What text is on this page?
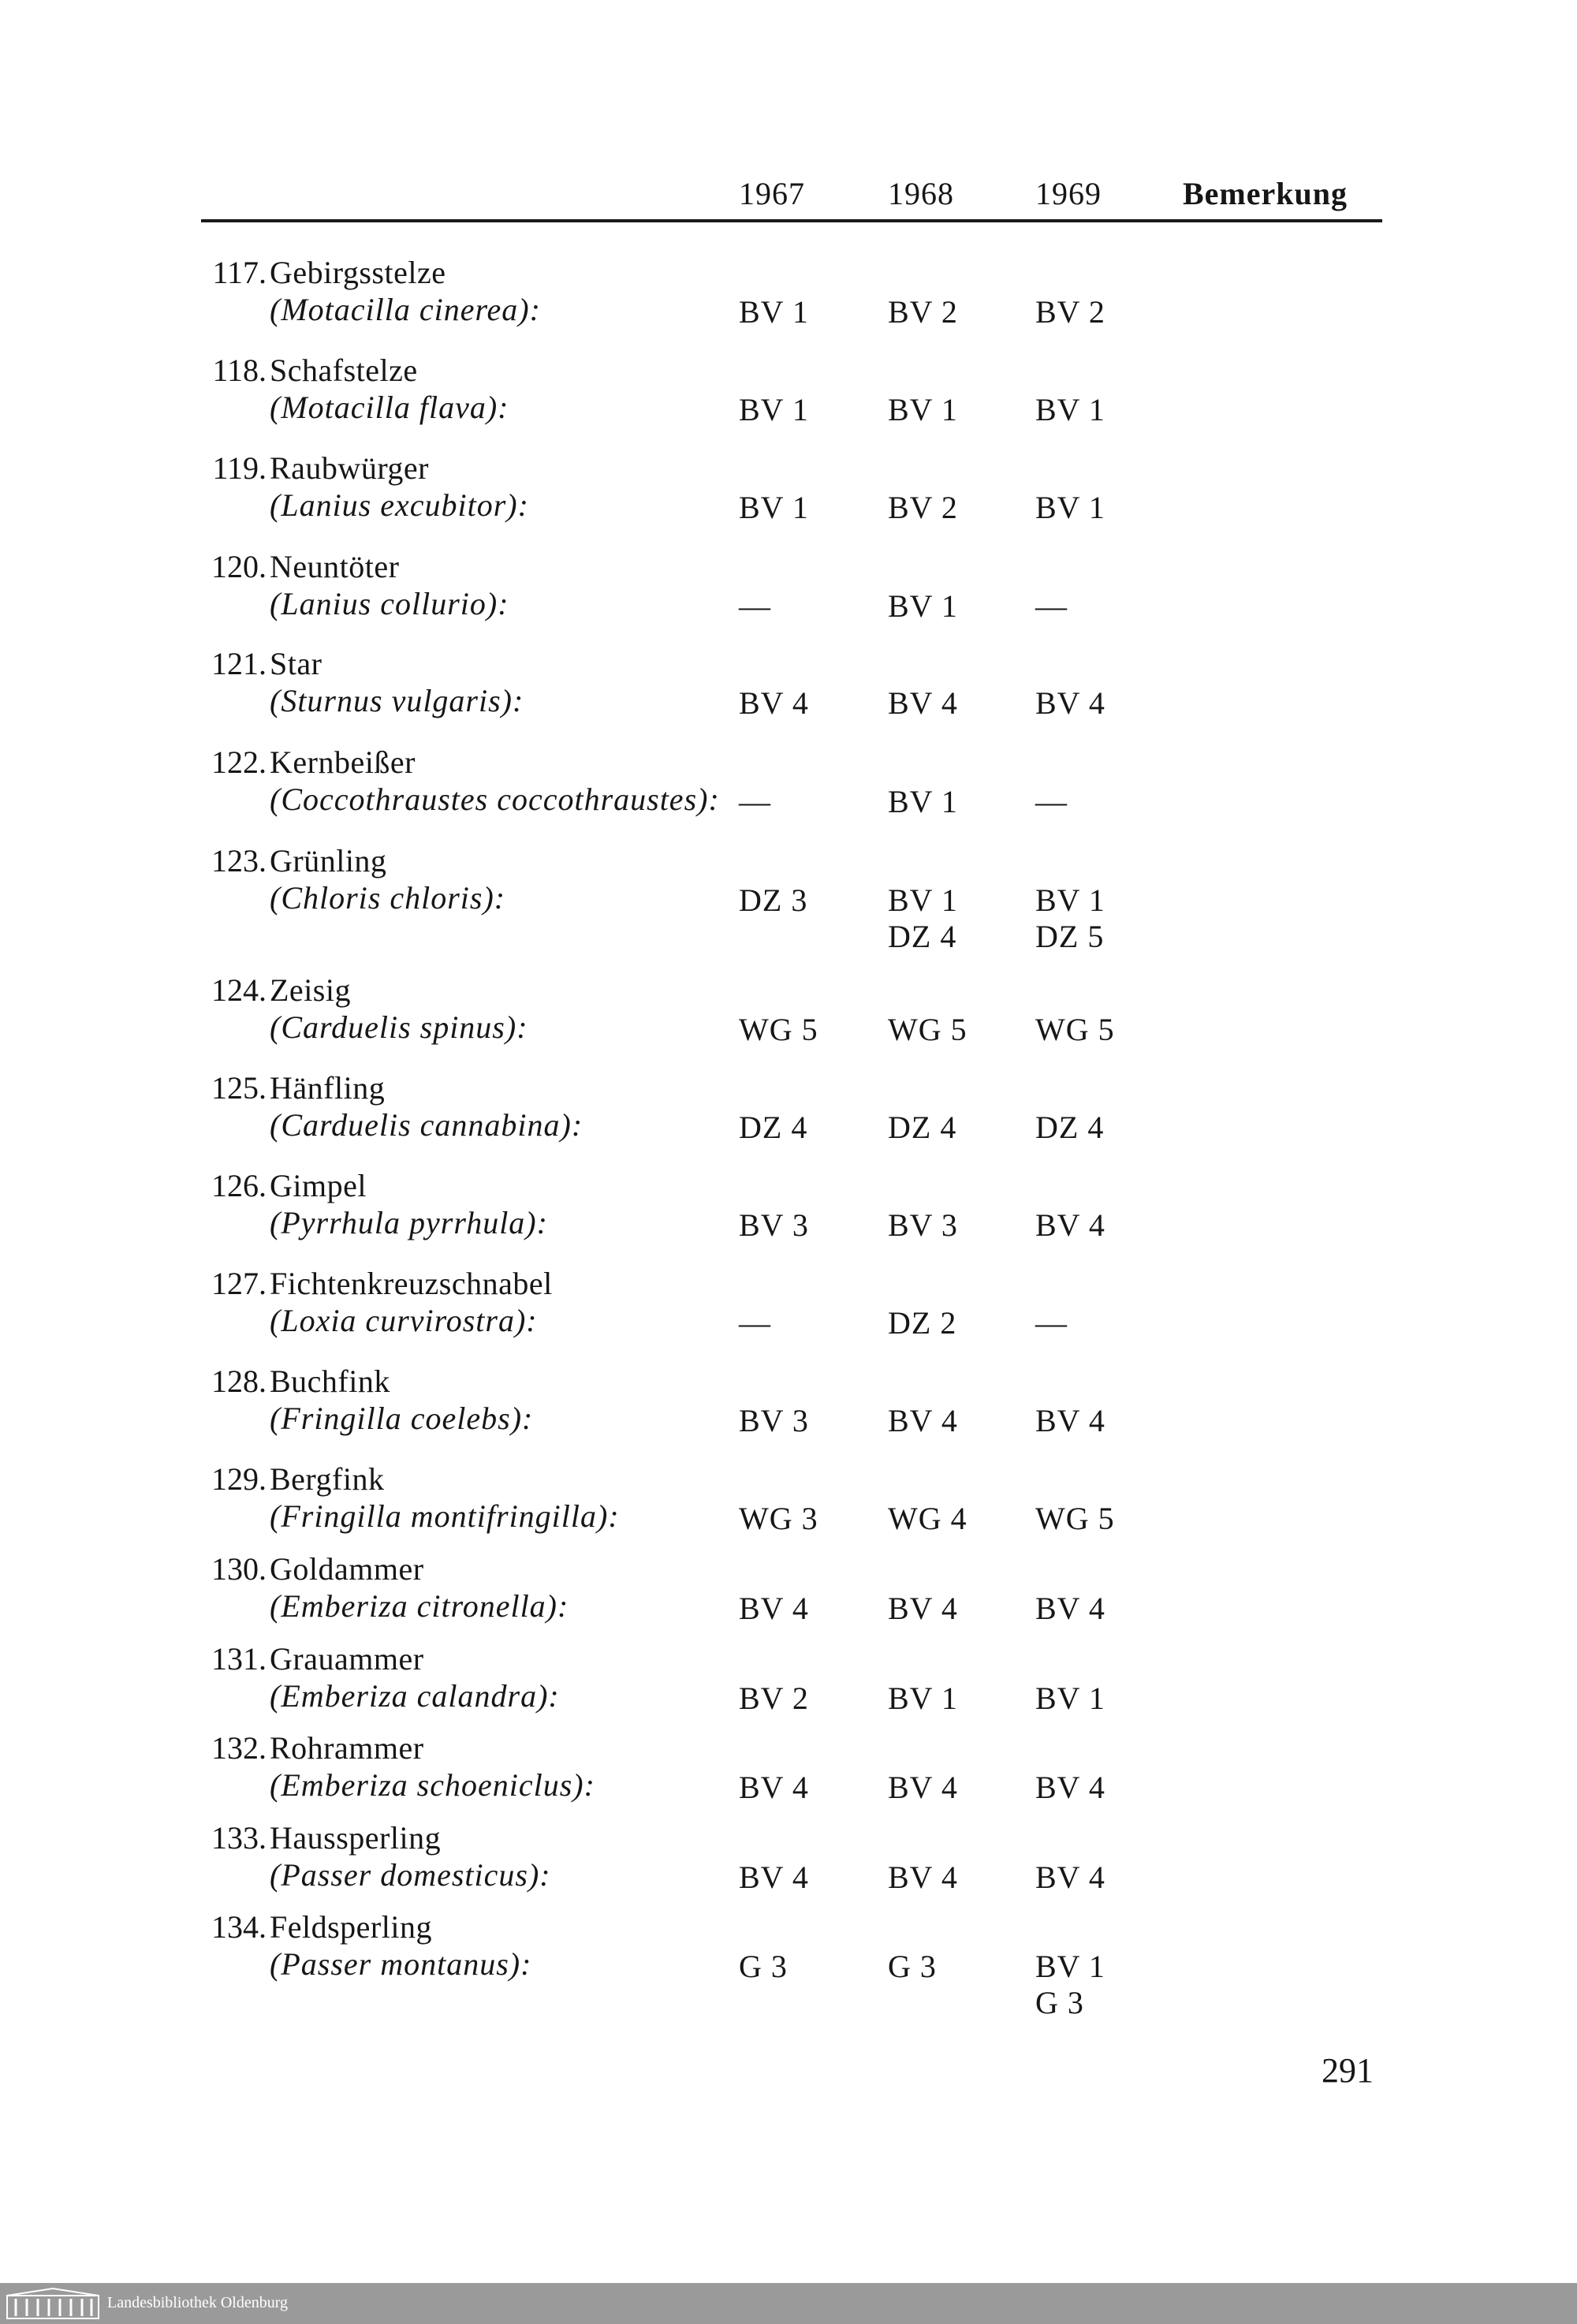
1967	1968	1969	Bemerkung
117. Gebirgsstelze
(Motacilla cinerea):	BV 1	BV 2 BV 2
118. Schafstelze
(Motacilla flava):	BV 1	BV 1 BV 1
119. Raubwürger
(Lanius excubitor):	BV 1	BV 2 BV 1
120. Neuntöter
(Lanius collurio):	—	BV 1 —
121. Star
(Sturnus vulgaris):	BV 4	BV 4 BV 4
122. Kernbeißer
(Coccothraustes coccothraustes): —	BV 1 —
123. Grünling
(Chloris chloris):	DZ 3	BV 1 BV 1
DZ 4 DZ 5
124. Zeisig
(Carduelis spinus):	WG 5 WG 5 WG 5
125. Hänfling
(Carduelis cannabina):	DZ 4	DZ 4 DZ 4
126. Gimpel
(Pyrrhula pyrrhula):	BV 3	BV 3 BV 4
127. Fichtenkreuzschnabel
(Loxia curvirostra):	—	DZ 2 —
128. Buchfink
(Fringilla coelebs):	BV 3	BV 4 BV 4
129. Bergfink
(Fringilla montifringilla):	WG 3 WG 4 WG 5
130. Goldammer
(Emberiza citronella):	BV 4	BV 4 BV 4
131. Grauammer
(Emberiza calandra):	BV 2	BV 1 BV 1
132. Rohrammer
(Emberiza schoeniclus):	BV 4	BV 4 BV 4
133. Haussperling
(Passer domesticus):	BV 4	BV 4 BV 4
134. Feldsperling
(Passer montanus):	G 3	G 3	BV 1
G 3
291
Landesbibliothek Oldenburg
